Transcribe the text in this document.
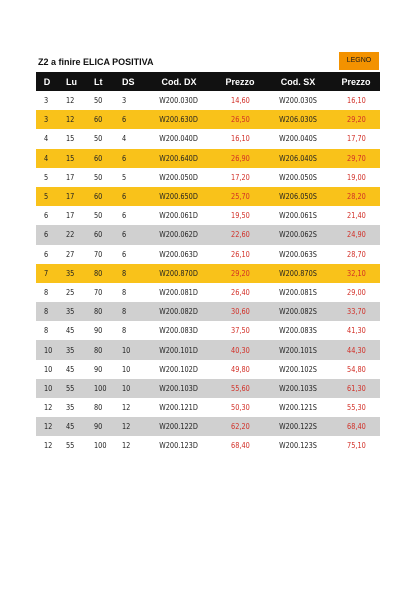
Z2 a finire ELICA POSITIVA	LEGNO
D	Lu	Lt	DS	Cod. DX	Prezzo	Cod. SX	Prezzo
3	12	50	3	W200.030D	14,60	W200.030S	16,10
3	12	60	6	W200.630D	26,50	W206.030S	29,20
4	15	50	4	W200.040D	16,10	W200.040S	17,70
4	15	60	6	W200.640D	26,90	W206.040S	29,70
5	17	50	5	W200.050D	17,20	W200.050S	19,00
5	17	60	6	W200.650D	25,70	W206.050S	28,20
6	17	50	6	W200.061D	19,50	W200.061S	21,40
6	22	60	6	W200.062D	22,60	W200.062S	24,90
6	27	70	6	W200.063D	26,10	W200.063S	28,70
7	35	80	8	W200.870D	29,20	W200.870S	32,10
8	25	70	8	W200.081D	26,40	W200.081S	29,00
8	35	80	8	W200.082D	30,60	W200.082S	33,70
8	45	90	8	W200.083D	37,50	W200.083S	41,30
10	35	80	10	W200.101D	40,30	W200.101S	44,30
10	45	90	10	W200.102D	49,80	W200.102S	54,80
10	55	100	10	W200.103D	55,60	W200.103S	61,30
12	35	80	12	W200.121D	50,30	W200.121S	55,30
12	45	90	12	W200.122D	62,20	W200.122S	68,40
12	55	100	12	W200.123D	68,40	W200.123S	75,10
